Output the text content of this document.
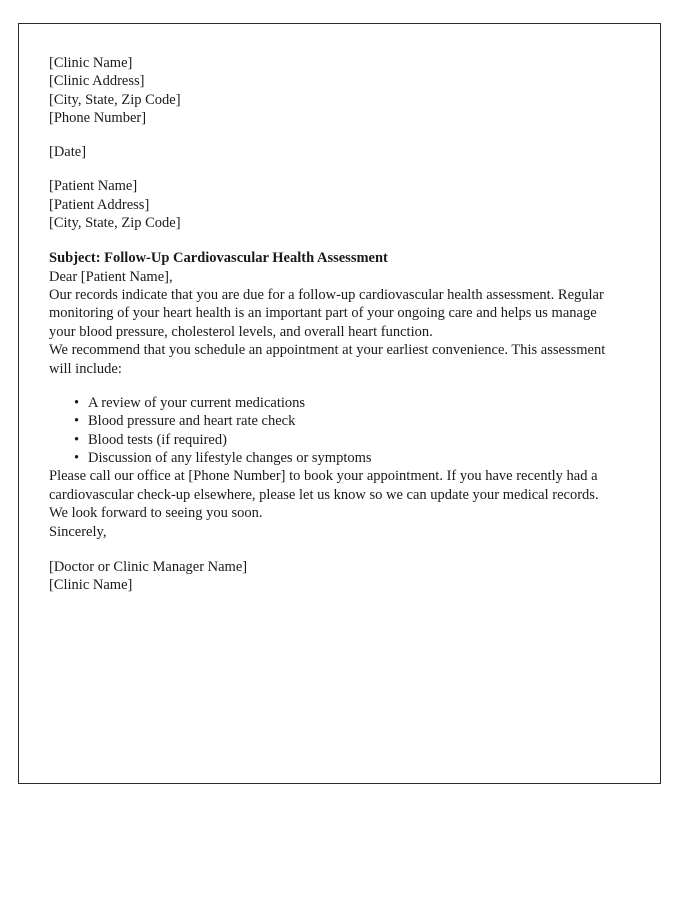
[Clinic Name]
[Clinic Address]
[City, State, Zip Code]
[Phone Number]
[Date]
[Patient Name]
[Patient Address]
[City, State, Zip Code]
Subject: Follow-Up Cardiovascular Health Assessment

Dear [Patient Name],

Our records indicate that you are due for a follow-up cardiovascular health assessment. Regular monitoring of your heart health is an important part of your ongoing care and helps us manage your blood pressure, cholesterol levels, and overall heart function.

We recommend that you schedule an appointment at your earliest convenience. This assessment will include:

• A review of your current medications
• Blood pressure and heart rate check
• Blood tests (if required)
• Discussion of any lifestyle changes or symptoms

Please call our office at [Phone Number] to book your appointment. If you have recently had a cardiovascular check-up elsewhere, please let us know so we can update your medical records.

We look forward to seeing you soon.

Sincerely,

[Doctor or Clinic Manager Name]
[Clinic Name]
